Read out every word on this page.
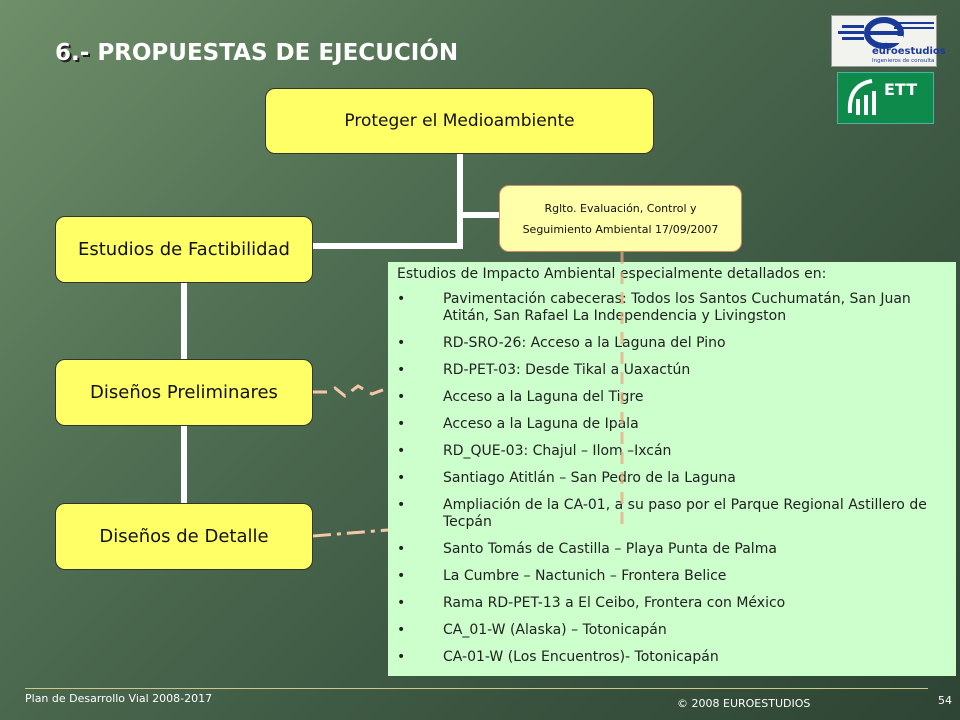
6.- PROPUESTAS DE EJECUCIÓN	euroestudios
Ingenieros de consulta
ETT
Proteger el Medioambiente
Rglto. Evaluación, Control y
Seguimiento Ambiental 17/09/2007
Estudios de Factibilidad
Diseños Preliminares
Diseños de Detalle

Estudios de Impacto Ambiental especialmente detallados en:

•	Pavimentación cabeceras: Todos los Santos Cuchumatán, San Juan Atitán, San Rafael La Independencia y Livingston
•	RD-SRO-26: Acceso a la Laguna del Pino
•	RD-PET-03: Desde Tikal a Uaxactún
•	Acceso a la Laguna del Tigre
•	Acceso a la Laguna de Ipala
•	RD_QUE-03: Chajul – Ilom –Ixcán
•	Santiago Atitlán – San Pedro de la Laguna
•	Ampliación de la CA-01, a su paso por el Parque Regional Astillero de Tecpán
•	Santo Tomás de Castilla – Playa Punta de Palma
•	La Cumbre – Nactunich – Frontera Belice
•	Rama RD-PET-13 a El Ceibo, Frontera con México
•	CA_01-W (Alaska) – Totonicapán
•	CA-01-W (Los Encuentros)- Totonicapán
Plan de Desarrollo Vial 2008-2017	© 2008 EUROESTUDIOS	54
